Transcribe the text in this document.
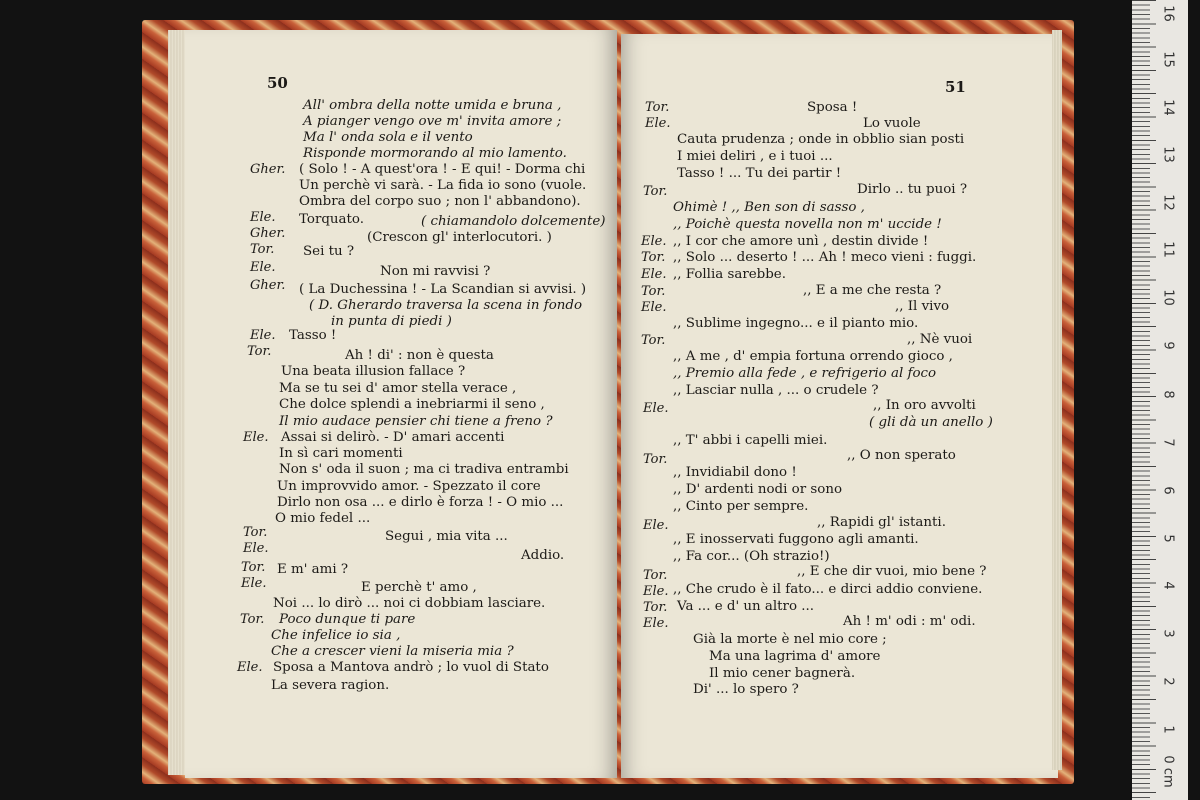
50
All' ombra della notte umida e bruna ,
A pianger vengo ove m' invita amore ;
Ma l' onda sola e il vento
Risponde mormorando al mio lamento.
Gher. ( Solo ! - A quest'ora ! - E qui! - Dorma chi
Un perchè vi sarà. - La fida io sono (vuole.
Ombra del corpo suo ; non l' abbandono).
Ele. Torquato.	( chiamandolo dolcemente)
Gher.	(Crescon gl' interlocutori. )
Tor. Sei tu ?
Ele.	Non mi ravvisi ?
Gher. ( La Duchessina ! - La Scandian si avvisi. )
( D. Gherardo traversa la scena in fondo
in punta di piedi )
Ele. Tasso !
Tor.	Ah ! di' : non è questa
Una beata illusion fallace ?
Ma se tu sei d' amor stella verace ,
Che dolce splendi a inebriarmi il seno ,
Il mio audace pensier chi tiene a freno ?
Ele. Assai si delirò. - D' amari accenti
In sì cari momenti
Non s' oda il suon ; ma ci tradiva entrambi
Un improvvido amor. - Spezzato il core
Dirlo non osa ... e dirlo è forza ! - O mio ...
O mio fedel ...
Tor.	Segui , mia vita ...
Ele.	Addio.
Tor. E m' ami ?
Ele.	E perchè t' amo ,
Noi ... lo dirò ... noi ci dobbiam lasciare.
Tor. Poco dunque ti pare
Che infelice io sia ,
Che a crescer vieni la miseria mia ?
Ele. Sposa a Mantova andrò ; lo vuol di Stato
La severa ragion.
51
Tor.	Sposa !
Ele.	Lo vuole
Cauta prudenza ; onde in obblio sian posti
I miei deliri , e i tuoi ...
Tasso ! ... Tu dei partir !
Tor.	Dirlo .. tu puoi ?
Ohimè ! ,, Ben son di sasso ,
,, Poichè questa novella non m' uccide !
Ele. ,, I cor che amore unì , destin divide !
Tor. ,, Solo ... deserto ! ... Ah ! meco vieni : fuggi.
Ele. ,, Follia sarebbe.
Tor.	,, E a me che resta ?
Ele.	,, Il vivo
,, Sublime ingegno... e il pianto mio.
Tor.	,, Nè vuoi
,, A me , d' empia fortuna orrendo gioco ,
,, Premio alla fede , e refrigerio al foco
,, Lasciar nulla , ... o crudele ?
Ele.	,, In oro avvolti
( gli dà un anello )
,, T' abbi i capelli miei.
Tor.	,, O non sperato
,, Invidiabil dono !
,, D' ardenti nodi or sono
,, Cinto per sempre.
Ele.	,, Rapidi gl' istanti.
,, E inosservati fuggono agli amanti.
,, Fa cor... (Oh strazio!)
Tor.	,, E che dir vuoi, mio bene ?
Ele. ,, Che crudo è il fato... e dirci addio conviene.
Tor. Va ... e d' un altro ...
Ele.	Ah ! m' odi : m' odi.
Già la morte è nel mio core ;
Ma una lagrima d' amore
Il mio cener bagnerà.
Di' ... lo spero ?
16
15
14
13
12
11
10
9
8
7
6
5
4
3
2
1
0 cm
